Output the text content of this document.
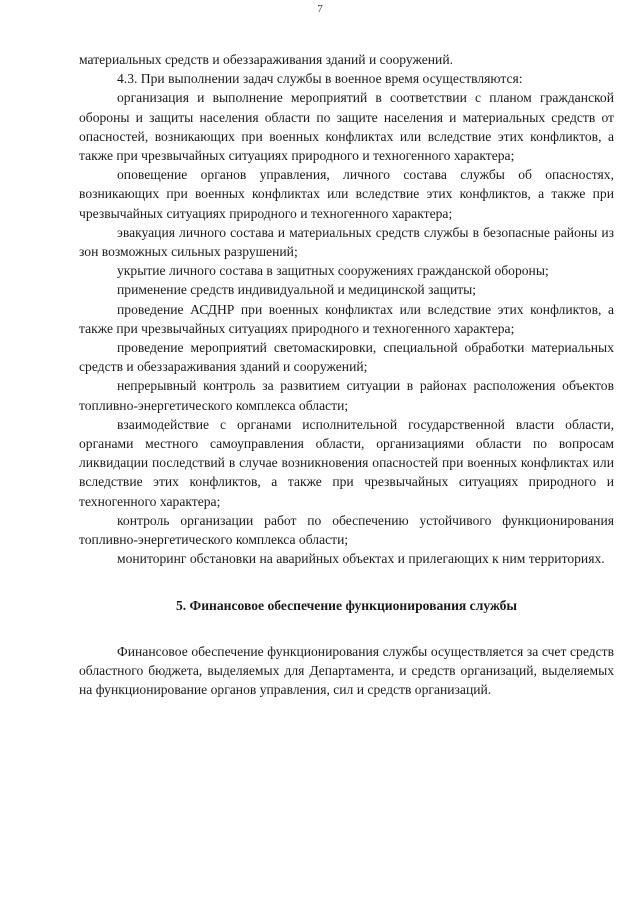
7

материальных средств и обеззараживания зданий и сооружений.

4.3. При выполнении задач службы в военное время осуществляются:

организация и выполнение мероприятий в соответствии с планом гражданской обороны и защиты населения области по защите населения и материальных средств от опасностей, возникающих при военных конфликтах или вследствие этих конфликтов, а также при чрезвычайных ситуациях природного и техногенного характера;

оповещение органов управления, личного состава службы об опасностях, возникающих при военных конфликтах или вследствие этих конфликтов, а также при чрезвычайных ситуациях природного и техногенного характера;

эвакуация личного состава и материальных средств службы в безопасные районы из зон возможных сильных разрушений;

укрытие личного состава в защитных сооружениях гражданской обороны;

применение средств индивидуальной и медицинской защиты;

проведение АСДНР при военных конфликтах или вследствие этих конфликтов, а также при чрезвычайных ситуациях природного и техногенного характера;

проведение мероприятий светомаскировки, специальной обработки материальных средств и обеззараживания зданий и сооружений;

непрерывный контроль за развитием ситуации в районах расположения объектов топливно-энергетического комплекса области;

взаимодействие с органами исполнительной государственной власти области, органами местного самоуправления области, организациями области по вопросам ликвидации последствий в случае возникновения опасностей при военных конфликтах или вследствие этих конфликтов, а также при чрезвычайных ситуациях природного и техногенного характера;

контроль организации работ по обеспечению устойчивого функционирования топливно-энергетического комплекса области;

мониторинг обстановки на аварийных объектах и прилегающих к ним территориях.

5. Финансовое обеспечение функционирования службы

Финансовое обеспечение функционирования службы осуществляется за счет средств областного бюджета, выделяемых для Департамента, и средств организаций, выделяемых на функционирование органов управления, сил и средств организаций.
